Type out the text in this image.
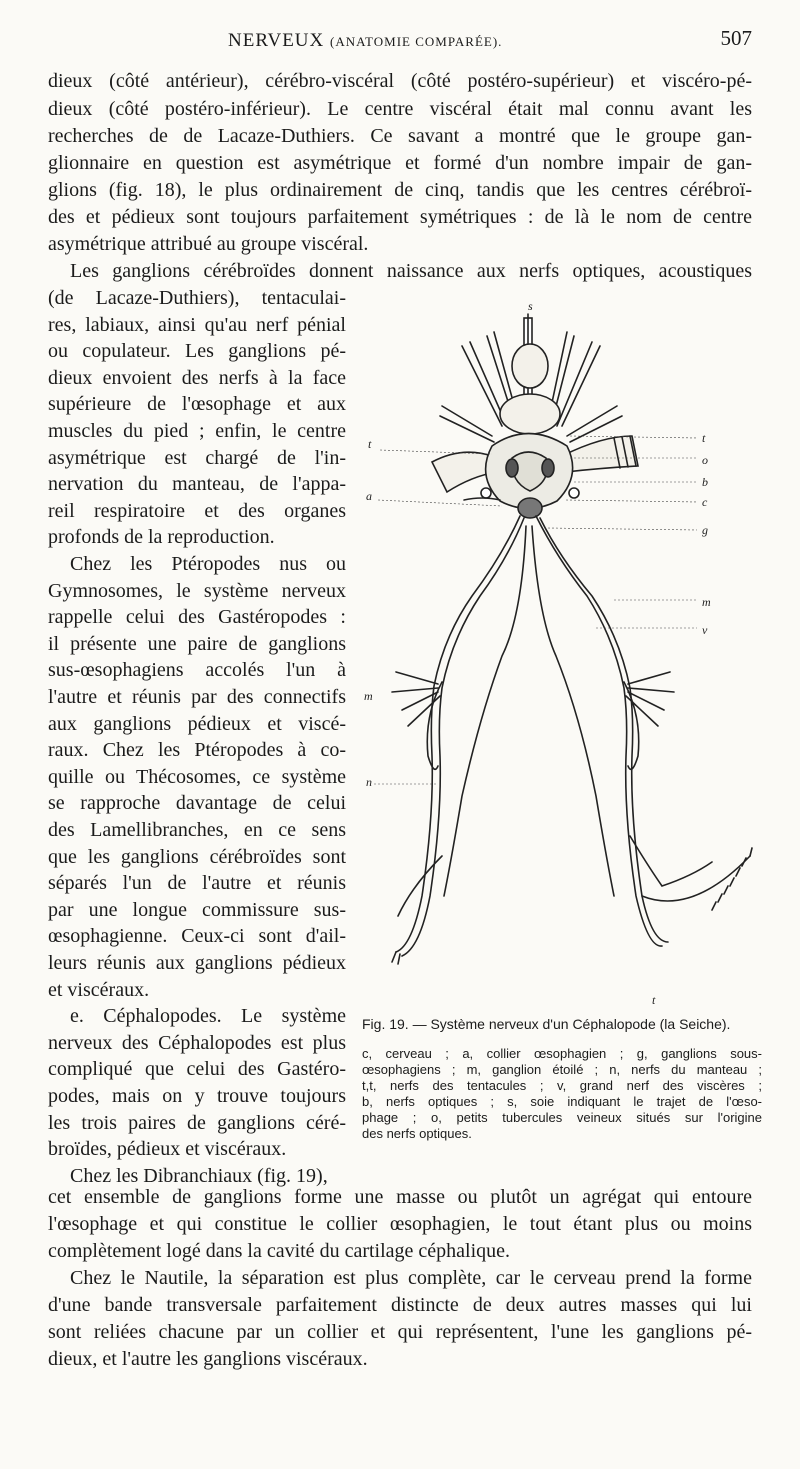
NERVEUX (ANATOMIE COMPARÉE).	507
dieux (côté antérieur), cérébro-viscéral (côté postéro-supérieur) et viscéro-pé-
dieux (côté postéro-inférieur). Le centre viscéral était mal connu avant les
recherches de de Lacaze-Duthiers. Ce savant a montré que le groupe gan-
glionnaire en question est asymétrique et formé d'un nombre impair de gan-
glions (fig. 18), le plus ordinairement de cinq, tandis que les centres cérébroï-
des et pédieux sont toujours parfaitement symétriques : de là le nom de centre
asymétrique attribué au groupe viscéral.
Les ganglions cérébroïdes donnent naissance aux nerfs optiques, acoustiques
(de Lacaze-Duthiers), tentaculai-
res, labiaux, ainsi qu'au nerf pénial
ou copulateur. Les ganglions pé-
dieux envoient des nerfs à la face
supérieure de l'œsophage et aux
muscles du pied ; enfin, le centre
asymétrique est chargé de l'in-
nervation du manteau, de l'appa-
reil respiratoire et des organes
profonds de la reproduction.
Chez les Ptéropodes nus ou
Gymnosomes, le système nerveux
rappelle celui des Gastéropodes :
il présente une paire de ganglions
sus-œsophagiens accolés l'un à
l'autre et réunis par des connectifs
aux ganglions pédieux et viscé-
raux. Chez les Ptéropodes à co-
quille ou Thécosomes, ce système
se rapproche davantage de celui
des Lamellibranches, en ce sens
que les ganglions cérébroïdes sont
séparés l'un de l'autre et réunis
par une longue commissure sus-
œsophagienne. Ceux-ci sont d'ail-
leurs réunis aux ganglions pédieux
et viscéraux.
e. Céphalopodes. Le système
nerveux des Céphalopodes est plus
compliqué que celui des Gastéro-
podes, mais on y trouve toujours
les trois paires de ganglions céré-
broïdes, pédieux et viscéraux.
Chez les Dibranchiaux (fig. 19),
cet ensemble de ganglions forme une masse ou plutôt un agrégat qui entoure
l'œsophage et qui constitue le collier œsophagien, le tout étant plus ou moins
complètement logé dans la cavité du cartilage céphalique.
Chez le Nautile, la séparation est plus complète, car le cerveau prend la forme
d'une bande transversale parfaitement distincte de deux autres masses qui lui
sont reliées chacune par un collier et qui représentent, l'une les ganglions pé-
dieux, et l'autre les ganglions viscéraux.
s
t
a
t
o
b
c
g
m
v
m
n
t
Fig. 19. — Système nerveux d'un Céphalopode (la Seiche).
c, cerveau ; a, collier œsophagien ; g, ganglions sous-
œsophagiens ; m, ganglion étoilé ; n, nerfs du manteau ;
t,t, nerfs des tentacules ; v, grand nerf des viscères ;
b, nerfs optiques ; s, soie indiquant le trajet de l'œso-
phage ; o, petits tubercules veineux situés sur l'origine
des nerfs optiques.
